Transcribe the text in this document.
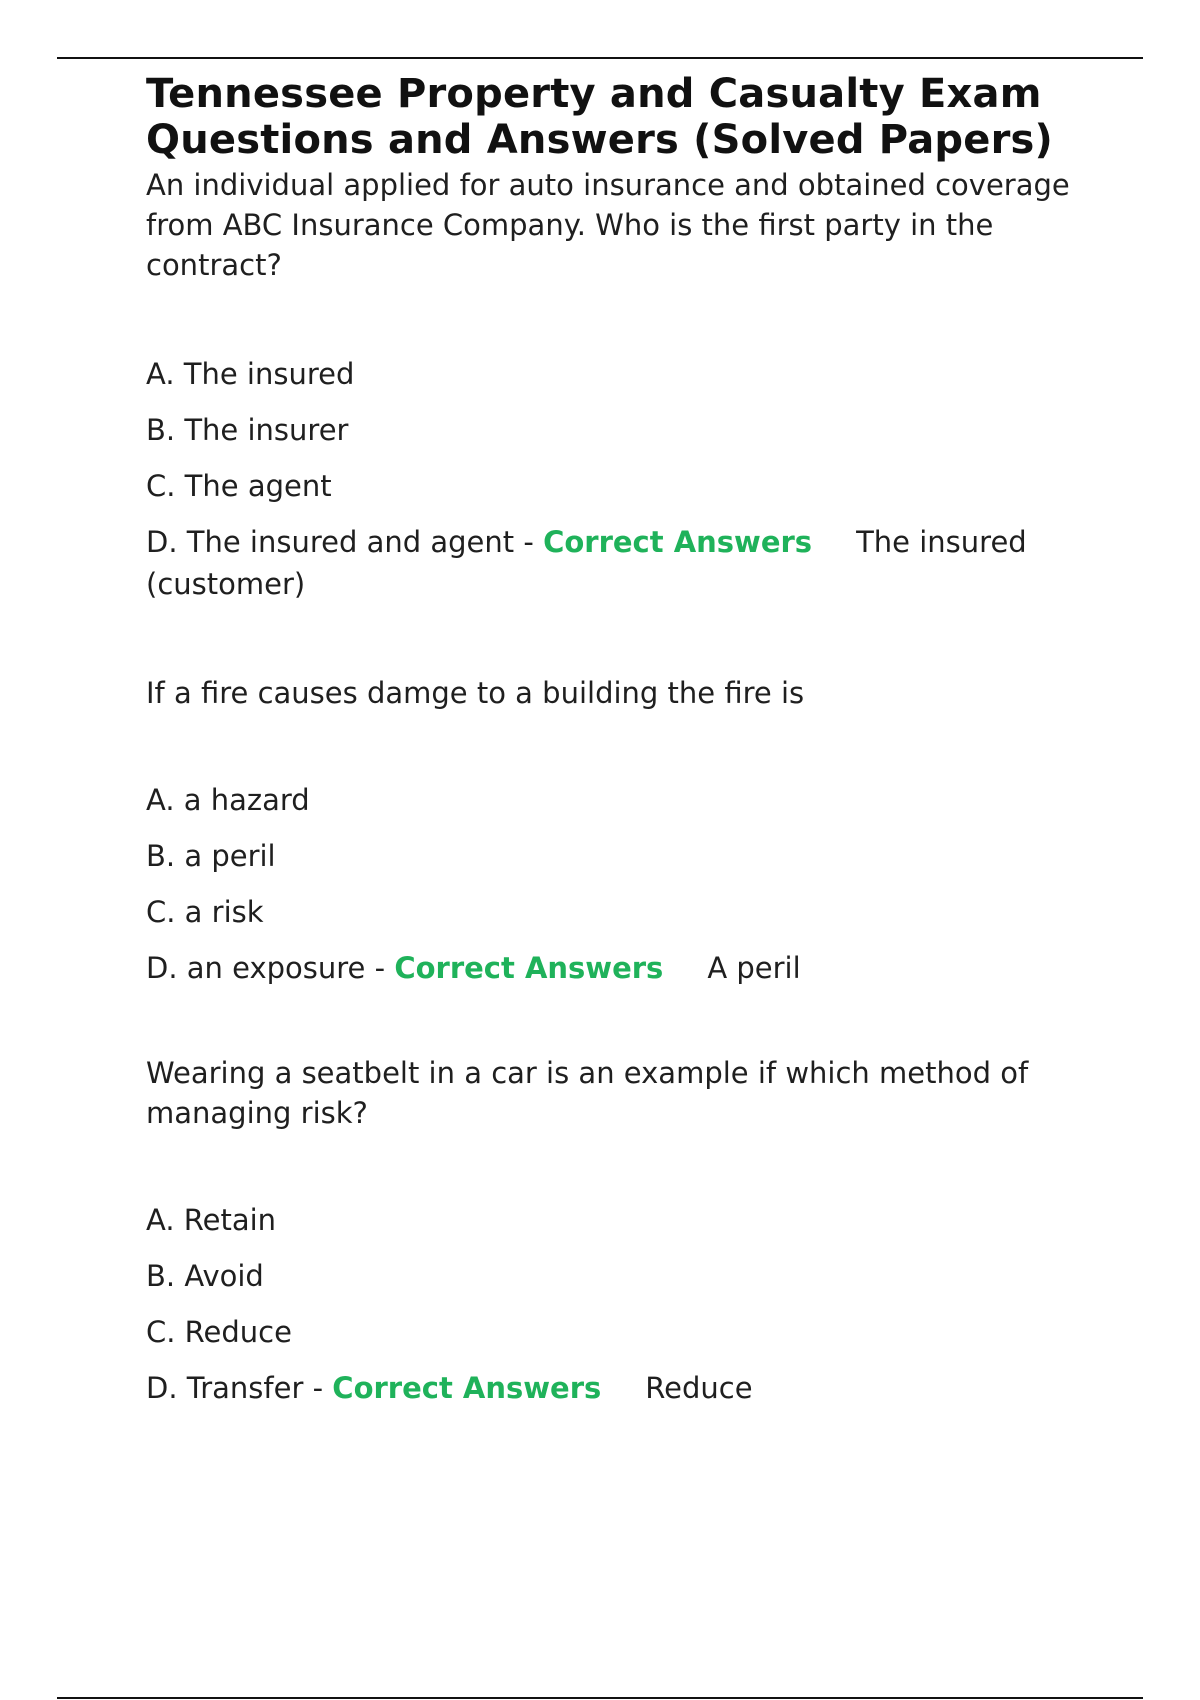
Tennessee Property and Casualty Exam Questions and Answers (Solved Papers)

An individual applied for auto insurance and obtained coverage from ABC Insurance Company. Who is the first party in the contract?

A. The insured
B. The insurer
C. The agent
D. The insured and agent - Correct Answers The insured (customer)

If a fire causes damge to a building the fire is

A. a hazard
B. a peril
C. a risk
D. an exposure - Correct Answers A peril

Wearing a seatbelt in a car is an example if which method of managing risk?

A. Retain
B. Avoid
C. Reduce
D. Transfer - Correct Answers Reduce
